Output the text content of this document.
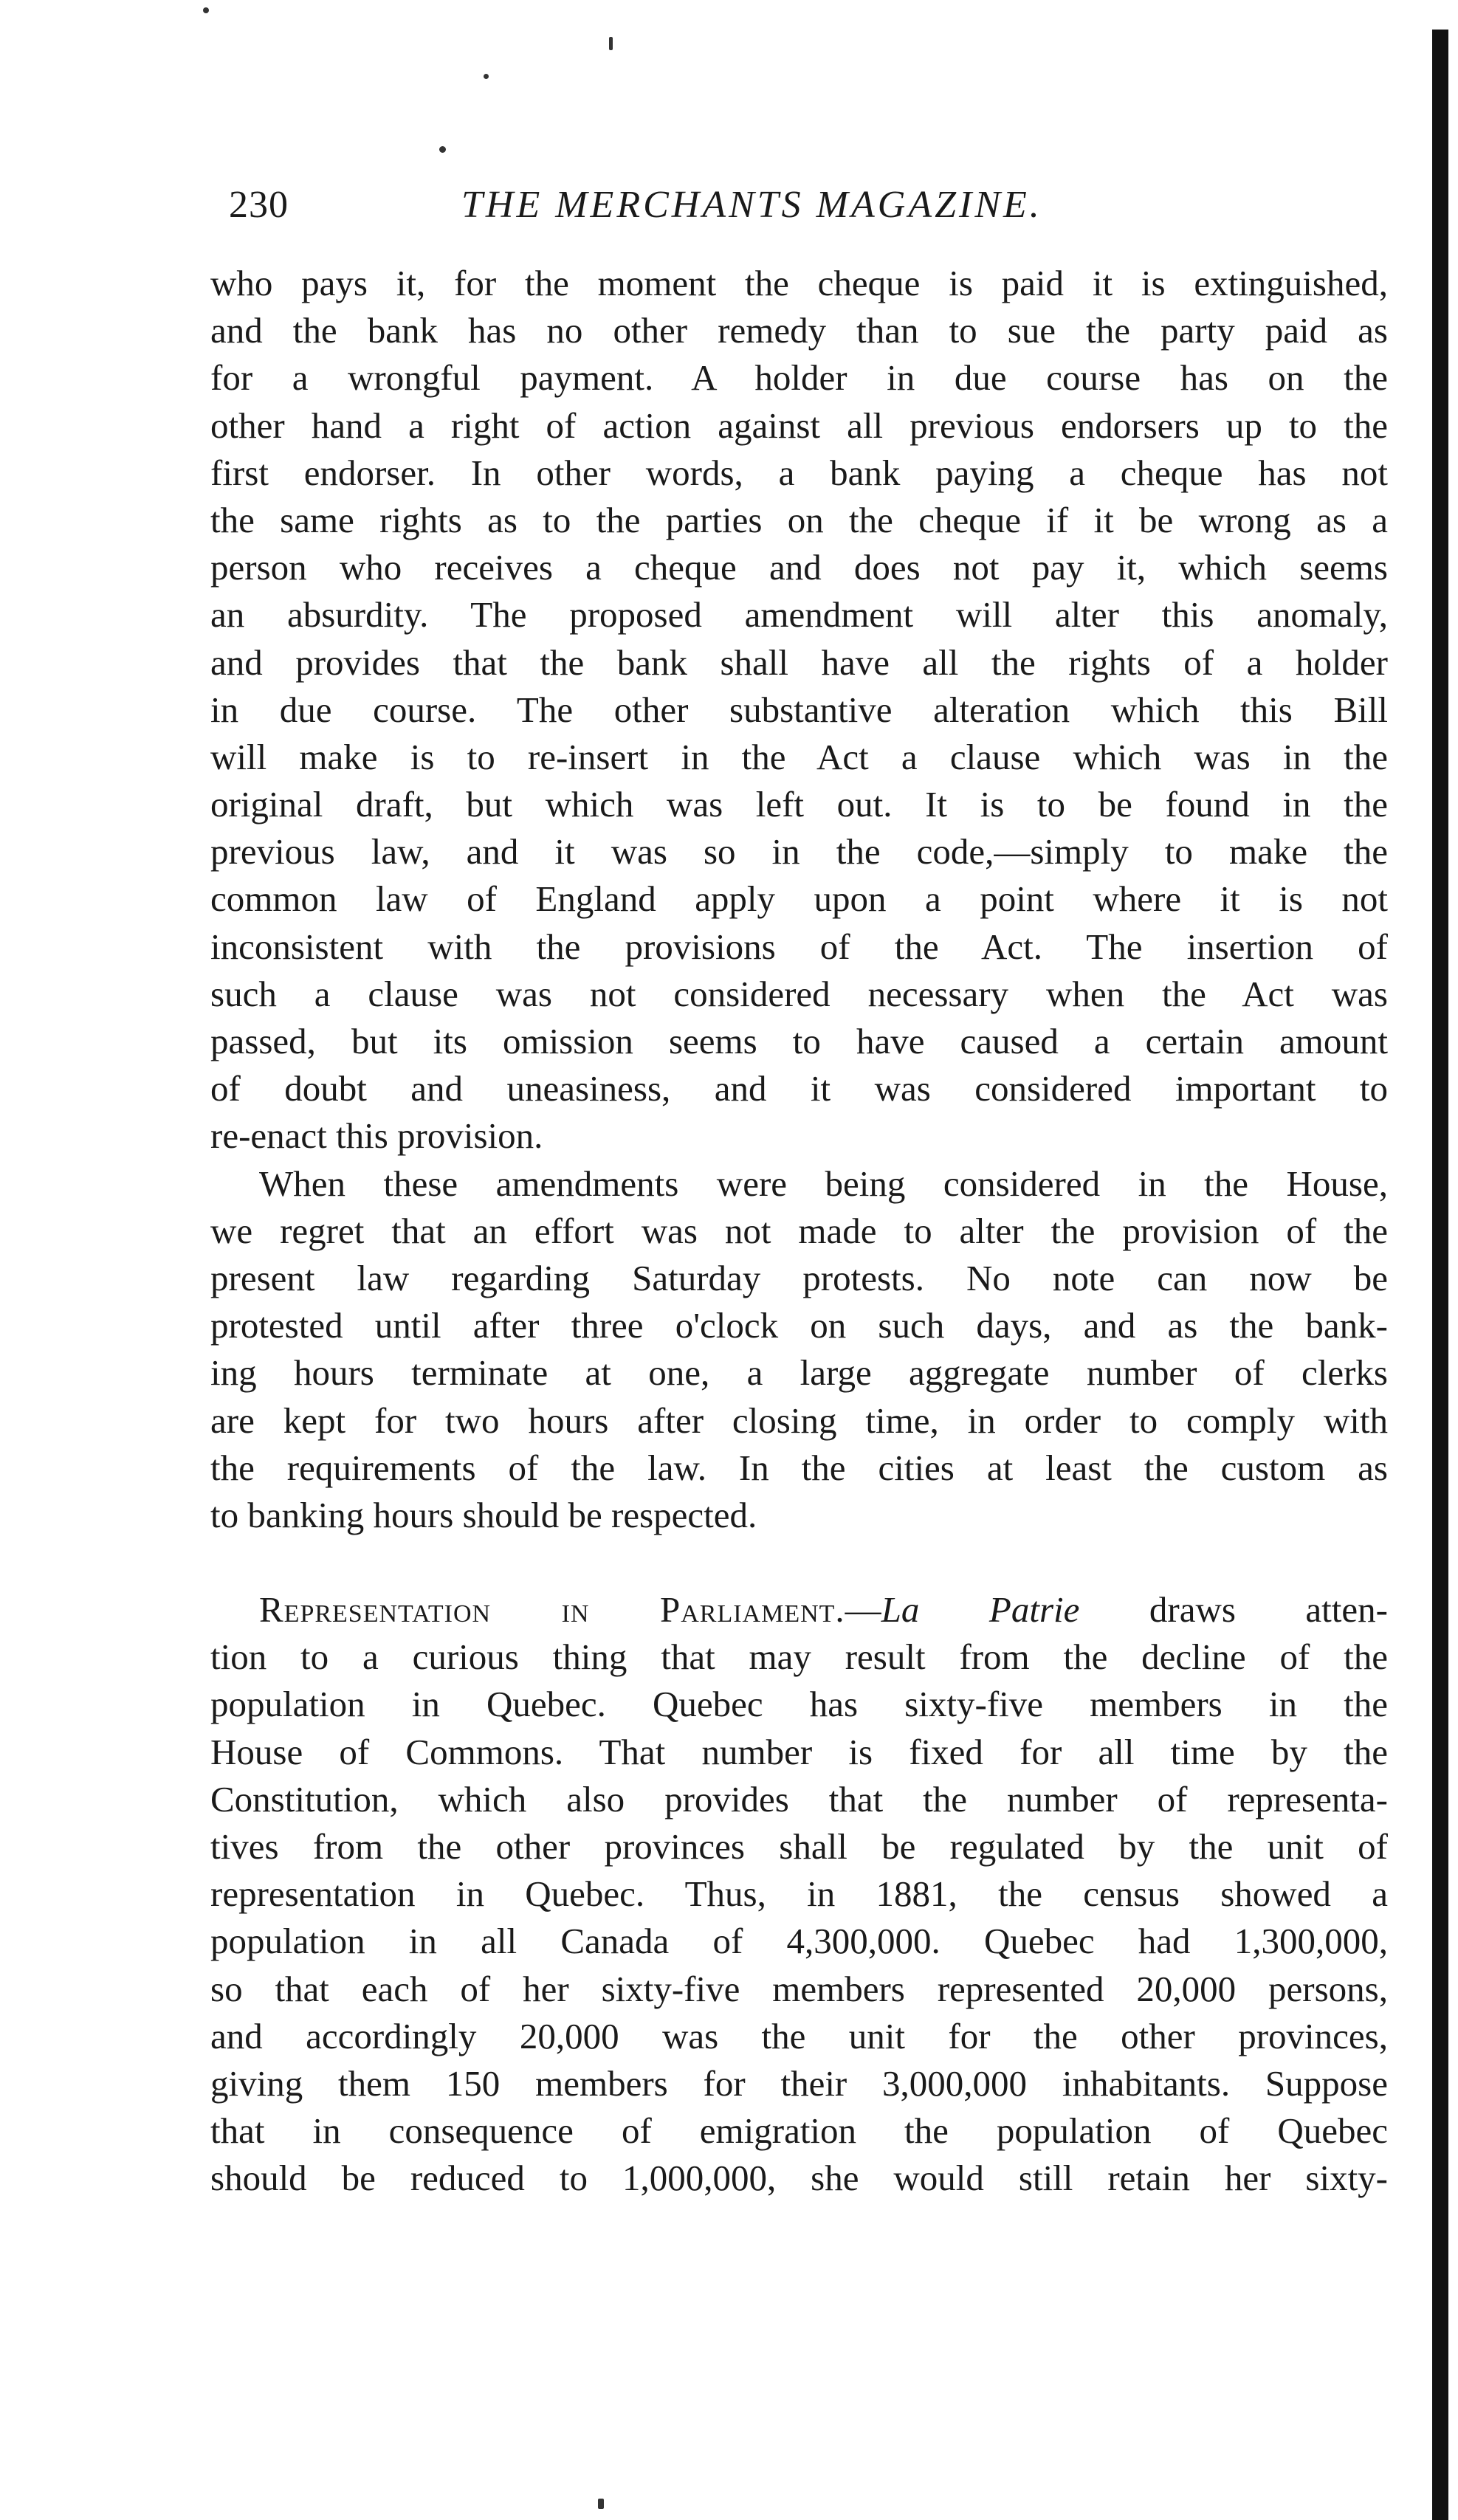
230	THE MERCHANTS MAGAZINE.
who pays it, for the moment the cheque is paid it is extinguished,
and the bank has no other remedy than to sue the party paid as
for a wrongful payment. A holder in due course has on the
other hand a right of action against all previous endorsers up to the
first endorser. In other words, a bank paying a cheque has not
the same rights as to the parties on the cheque if it be wrong as a
person who receives a cheque and does not pay it, which seems
an absurdity. The proposed amendment will alter this anomaly,
and provides that the bank shall have all the rights of a holder
in due course. The other substantive alteration which this Bill
will make is to re-insert in the Act a clause which was in the
original draft, but which was left out. It is to be found in the
previous law, and it was so in the code,—simply to make the
common law of England apply upon a point where it is not
inconsistent with the provisions of the Act. The insertion of
such a clause was not considered necessary when the Act was
passed, but its omission seems to have caused a certain amount
of doubt and uneasiness, and it was considered important to
re-enact this provision.
When these amendments were being considered in the House,
we regret that an effort was not made to alter the provision of the
present law regarding Saturday protests. No note can now be
protested until after three o'clock on such days, and as the bank-
ing hours terminate at one, a large aggregate number of clerks
are kept for two hours after closing time, in order to comply with
the requirements of the law. In the cities at least the custom as
to banking hours should be respected.
Representation in Parliament.—La Patrie draws atten-
tion to a curious thing that may result from the decline of the
population in Quebec. Quebec has sixty-five members in the
House of Commons. That number is fixed for all time by the
Constitution, which also provides that the number of representa-
tives from the other provinces shall be regulated by the unit of
representation in Quebec. Thus, in 1881, the census showed a
population in all Canada of 4,300,000. Quebec had 1,300,000,
so that each of her sixty-five members represented 20,000 persons,
and accordingly 20,000 was the unit for the other provinces,
giving them 150 members for their 3,000,000 inhabitants. Suppose
that in consequence of emigration the population of Quebec
should be reduced to 1,000,000, she would still retain her sixty-
